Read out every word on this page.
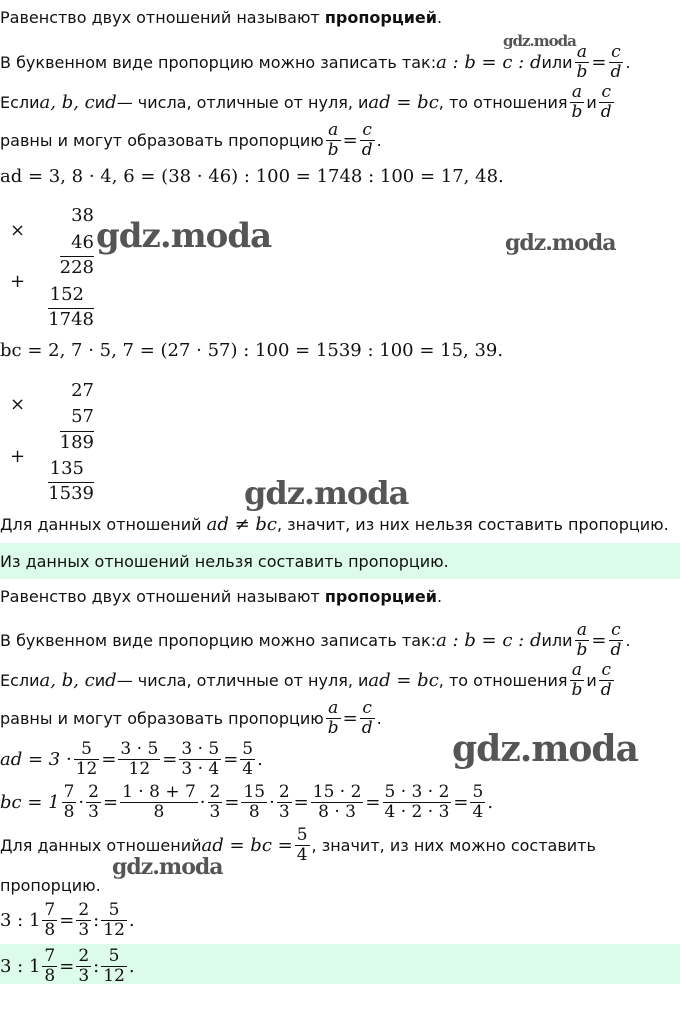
Равенство двух отношений называют пропорцией.
gdz.moda
В буквенном виде пропорцию можно записать так: a : b = c : d или $\frac{a}{b} = \frac{c}{d}$ .
Если a, b, c и d — числа, отличные от нуля, и ad = bc , то отношения $\frac{a}{b}$ и $\frac{c}{d}$
равны и могут образовать пропорцию $\frac{a}{b} = \frac{c}{d}$ .
ad = 3, 8 · 4, 6 = (38 · 46) : 100 = 1748 : 100 = 17, 48.
×
38
46
228
+
152
1748
gdz.moda	gdz.moda
bc = 2, 7 · 5, 7 = (27 · 57) : 100 = 1539 : 100 = 15, 39.
×
27
57
189
+
135
1539	gdz.moda
Для данных отношений ad ≠ bc, значит, из них нельзя составить пропорцию.
Из данных отношений нельзя составить пропорцию.
Равенство двух отношений называют пропорцией.
В буквенном виде пропорцию можно записать так: a : b = c : d или $\frac{a}{b} = \frac{c}{d}$ .
Если a, b, c и d — числа, отличные от нуля, и ad = bc , то отношения $\frac{a}{b}$ и $\frac{c}{d}$
равны и могут образовать пропорцию $\frac{a}{b} = \frac{c}{d}$ .
ad = $3 \cdot \frac{5}{12} = \frac{3 \cdot 5}{12} = \frac{3 \cdot 5}{3 \cdot 4} = \frac{5}{4}$ .	gdz.moda
bc = $1 \frac{7}{8} \cdot \frac{2}{3} = \frac{1 \cdot 8 + 7}{8} \cdot \frac{2}{3} = \frac{15}{8} \cdot \frac{2}{3} = \frac{15 \cdot 2}{8 \cdot 3} = \frac{5 \cdot 3 \cdot 2}{4 \cdot 2 \cdot 3} = \frac{5}{4}$ .
Для данных отношений ad = bc = $\frac{5}{4}$ , значит, из них можно составить
gdz.moda
пропорцию.
3 : $1 \frac{7}{8} = \frac{2}{3}$ : $\frac{5}{12}$ .
3 : $1 \frac{7}{8} = \frac{2}{3}$ : $\frac{5}{12}$ .
